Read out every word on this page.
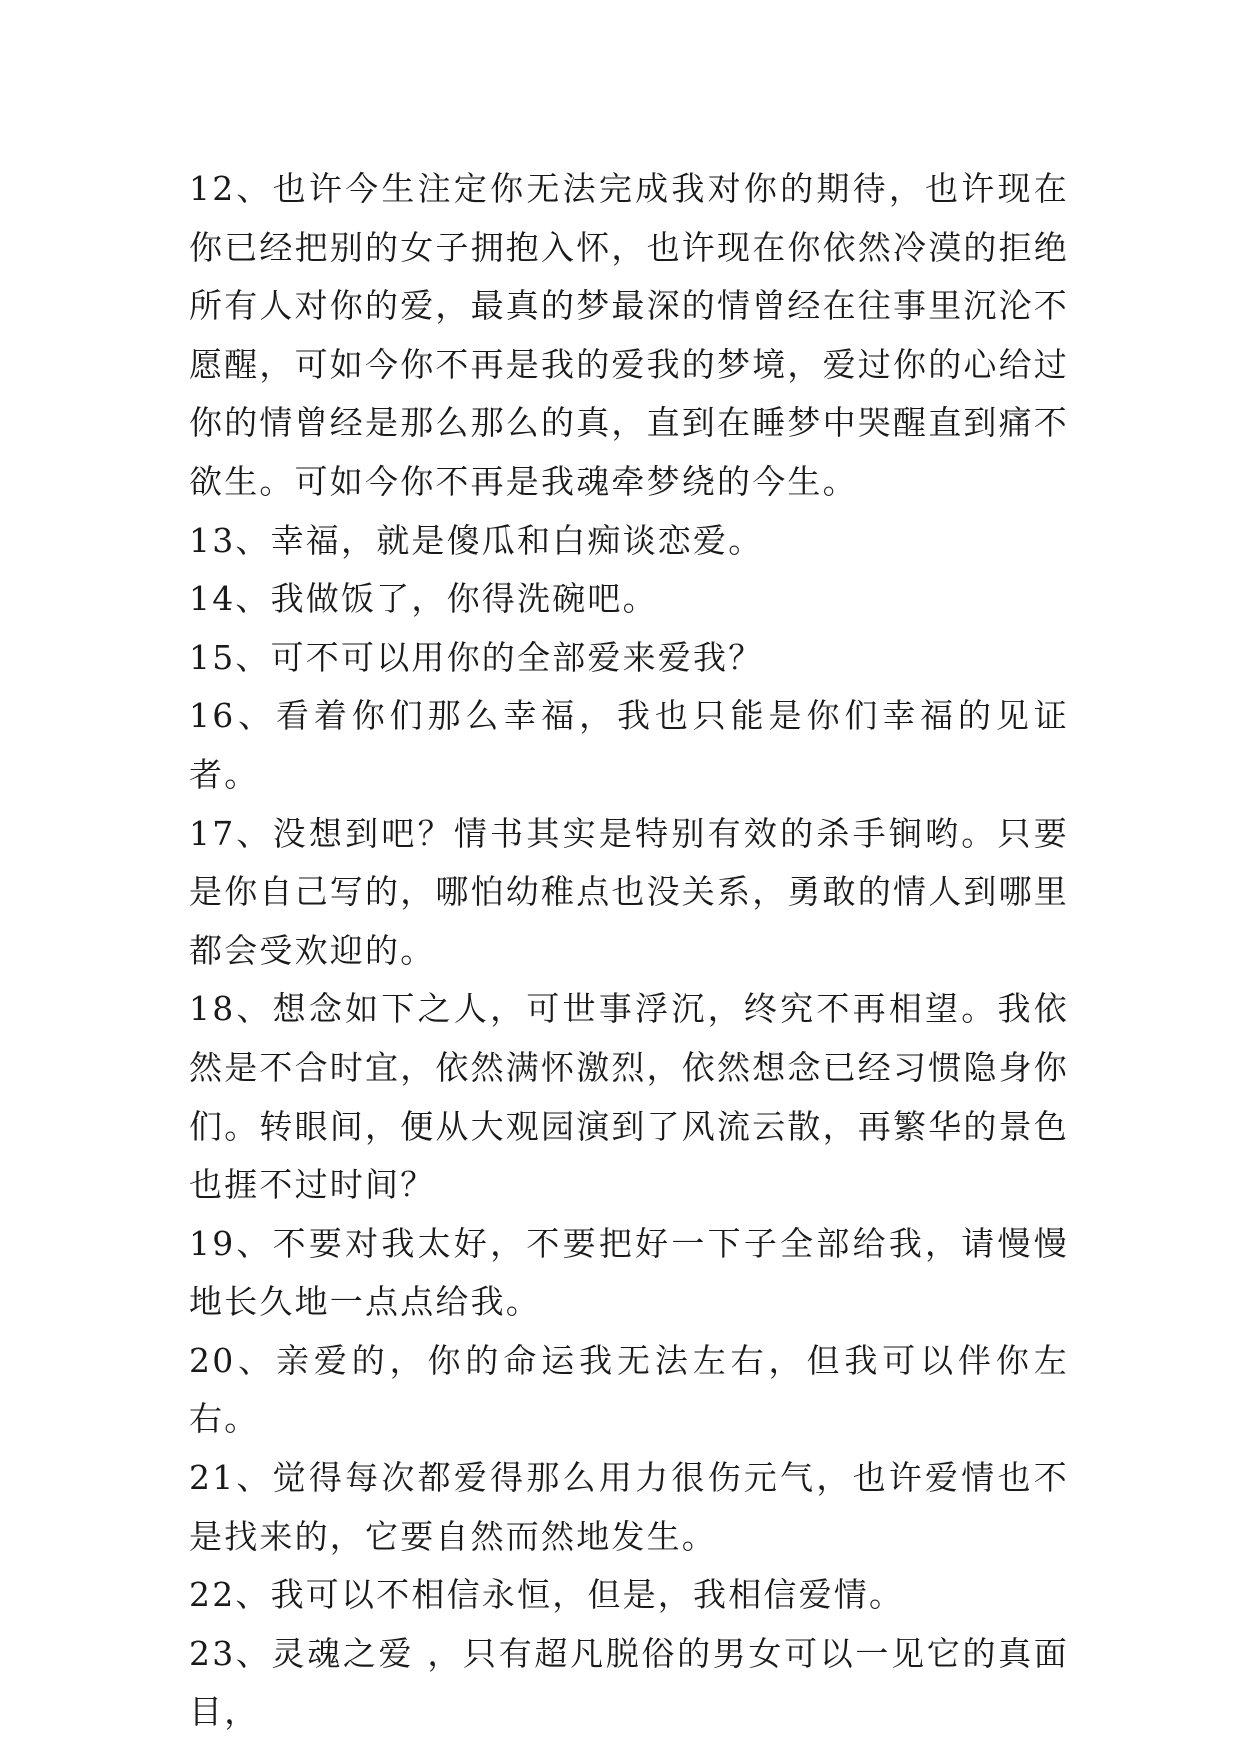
12、也许今生注定你无法完成我对你的期待，也许现在你已经把别的女子拥抱入怀，也许现在你依然冷漠的拒绝所有人对你的爱，最真的梦最深的情曾经在往事里沉沦不愿醒，可如今你不再是我的爱我的梦境，爱过你的心给过你的情曾经是那么那么的真，直到在睡梦中哭醒直到痛不欲生。可如今你不再是我魂牵梦绕的今生。

13、幸福，就是傻瓜和白痴谈恋爱。

14、我做饭了，你得洗碗吧。

15、可不可以用你的全部爱来爱我？

16、看着你们那么幸福，我也只能是你们幸福的见证者。

17、没想到吧？情书其实是特别有效的杀手锏哟。只要是你自己写的，哪怕幼稚点也没关系，勇敢的情人到哪里都会受欢迎的。

18、想念如下之人，可世事浮沉，终究不再相望。我依然是不合时宜，依然满怀激烈，依然想念已经习惯隐身你们。转眼间，便从大观园演到了风流云散，再繁华的景色也捱不过时间？

19、不要对我太好，不要把好一下子全部给我，请慢慢地长久地一点点给我。

20、亲爱的，你的命运我无法左右，但我可以伴你左右。

21、觉得每次都爱得那么用力很伤元气，也许爱情也不是找来的，它要自然而然地发生。

22、我可以不相信永恒，但是，我相信爱情。

23、灵魂之爱 ，只有超凡脱俗的男女可以一见它的真面目，
